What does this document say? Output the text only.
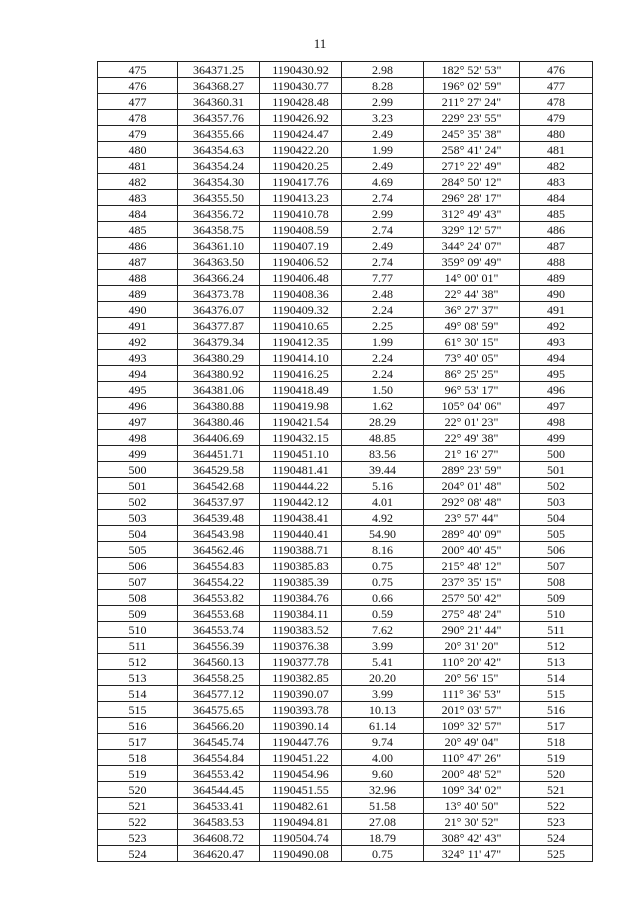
11
475	364371.25	1190430.92	2.98	182° 52' 53"	476
476	364368.27	1190430.77	8.28	196° 02' 59"	477
477	364360.31	1190428.48	2.99	211° 27' 24"	478
478	364357.76	1190426.92	3.23	229° 23' 55"	479
479	364355.66	1190424.47	2.49	245° 35' 38"	480
480	364354.63	1190422.20	1.99	258° 41' 24"	481
481	364354.24	1190420.25	2.49	271° 22' 49"	482
482	364354.30	1190417.76	4.69	284° 50' 12"	483
483	364355.50	1190413.23	2.74	296° 28' 17"	484
484	364356.72	1190410.78	2.99	312° 49' 43"	485
485	364358.75	1190408.59	2.74	329° 12' 57"	486
486	364361.10	1190407.19	2.49	344° 24' 07"	487
487	364363.50	1190406.52	2.74	359° 09' 49"	488
488	364366.24	1190406.48	7.77	14° 00' 01"	489
489	364373.78	1190408.36	2.48	22° 44' 38"	490
490	364376.07	1190409.32	2.24	36° 27' 37"	491
491	364377.87	1190410.65	2.25	49° 08' 59"	492
492	364379.34	1190412.35	1.99	61° 30' 15"	493
493	364380.29	1190414.10	2.24	73° 40' 05"	494
494	364380.92	1190416.25	2.24	86° 25' 25"	495
495	364381.06	1190418.49	1.50	96° 53' 17"	496
496	364380.88	1190419.98	1.62	105° 04' 06"	497
497	364380.46	1190421.54	28.29	22° 01' 23"	498
498	364406.69	1190432.15	48.85	22° 49' 38"	499
499	364451.71	1190451.10	83.56	21° 16' 27"	500
500	364529.58	1190481.41	39.44	289° 23' 59"	501
501	364542.68	1190444.22	5.16	204° 01' 48"	502
502	364537.97	1190442.12	4.01	292° 08' 48"	503
503	364539.48	1190438.41	4.92	23° 57' 44"	504
504	364543.98	1190440.41	54.90	289° 40' 09"	505
505	364562.46	1190388.71	8.16	200° 40' 45"	506
506	364554.83	1190385.83	0.75	215° 48' 12"	507
507	364554.22	1190385.39	0.75	237° 35' 15"	508
508	364553.82	1190384.76	0.66	257° 50' 42"	509
509	364553.68	1190384.11	0.59	275° 48' 24"	510
510	364553.74	1190383.52	7.62	290° 21' 44"	511
511	364556.39	1190376.38	3.99	20° 31' 20"	512
512	364560.13	1190377.78	5.41	110° 20' 42"	513
513	364558.25	1190382.85	20.20	20° 56' 15"	514
514	364577.12	1190390.07	3.99	111° 36' 53"	515
515	364575.65	1190393.78	10.13	201° 03' 57"	516
516	364566.20	1190390.14	61.14	109° 32' 57"	517
517	364545.74	1190447.76	9.74	20° 49' 04"	518
518	364554.84	1190451.22	4.00	110° 47' 26"	519
519	364553.42	1190454.96	9.60	200° 48' 52"	520
520	364544.45	1190451.55	32.96	109° 34' 02"	521
521	364533.41	1190482.61	51.58	13° 40' 50"	522
522	364583.53	1190494.81	27.08	21° 30' 52"	523
523	364608.72	1190504.74	18.79	308° 42' 43"	524
524	364620.47	1190490.08	0.75	324° 11' 47"	525
